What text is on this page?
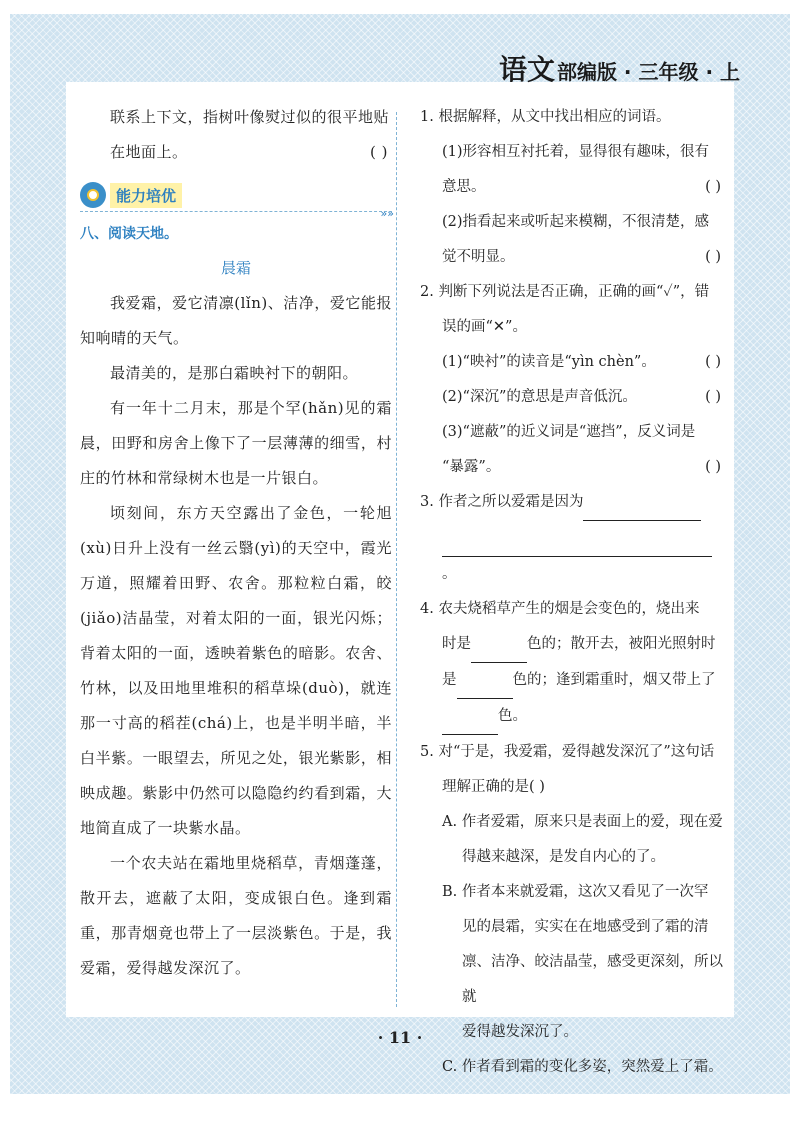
语文 部编版 · 三年级 · 上

联系上下文，指树叶像熨过似的很平地贴

在地面上。	( )

能力培优
»»
八、阅读天地。
晨霜

我爱霜，爱它清凛(lǐn)、洁净，爱它能报知响晴的天气。

最清美的，是那白霜映衬下的朝阳。

有一年十二月末，那是个罕(hǎn)见的霜晨，田野和房舍上像下了一层薄薄的细雪，村庄的竹林和常绿树木也是一片银白。

顷刻间，东方天空露出了金色，一轮旭(xù)日升上没有一丝云翳(yì)的天空中，霞光万道，照耀着田野、农舍。那粒粒白霜，皎(jiǎo)洁晶莹，对着太阳的一面，银光闪烁；背着太阳的一面，透映着紫色的暗影。农舍、竹林，以及田地里堆积的稻草垛(duò)，就连那一寸高的稻茬(chá)上，也是半明半暗，半白半紫。一眼望去，所见之处，银光紫影，相映成趣。紫影中仍然可以隐隐约约看到霜，大地简直成了一块紫水晶。

一个农夫站在霜地里烧稻草，青烟蓬蓬，散开去，遮蔽了太阳，变成银白色。逢到霜重，那青烟竟也带上了一层淡紫色。于是，我爱霜，爱得越发深沉了。

1. 根据解释，从文中找出相应的词语。

(1)形容相互衬托着，显得很有趣味，很有

意思。	( )

(2)指看起来或听起来模糊，不很清楚，感

觉不明显。	( )

2. 判断下列说法是否正确，正确的画“✓”，错

误的画“✕”。

(1)“映衬”的读音是“yìn chèn”。	( )

(2)“深沉”的意思是声音低沉。	( )

(3)“遮蔽”的近义词是“遮挡”，反义词是

“暴露”。	( )

3. 作者之所以爱霜是因为

。

4. 农夫烧稻草产生的烟是会变色的，烧出来

时是	色的；散开去，被阳光照射时

是	色的；逢到霜重时，烟又带上了

色。

5. 对“于是，我爱霜，爱得越发深沉了”这句话

理解正确的是( )

A. 作者爱霜，原来只是表面上的爱，现在爱

得越来越深，是发自内心的了。

B. 作者本来就爱霜，这次又看见了一次罕

见的晨霜，实实在在地感受到了霜的清

凛、洁净、皎洁晶莹，感受更深刻，所以就

爱得越发深沉了。

C. 作者看到霜的变化多姿，突然爱上了霜。

· 11 ·
